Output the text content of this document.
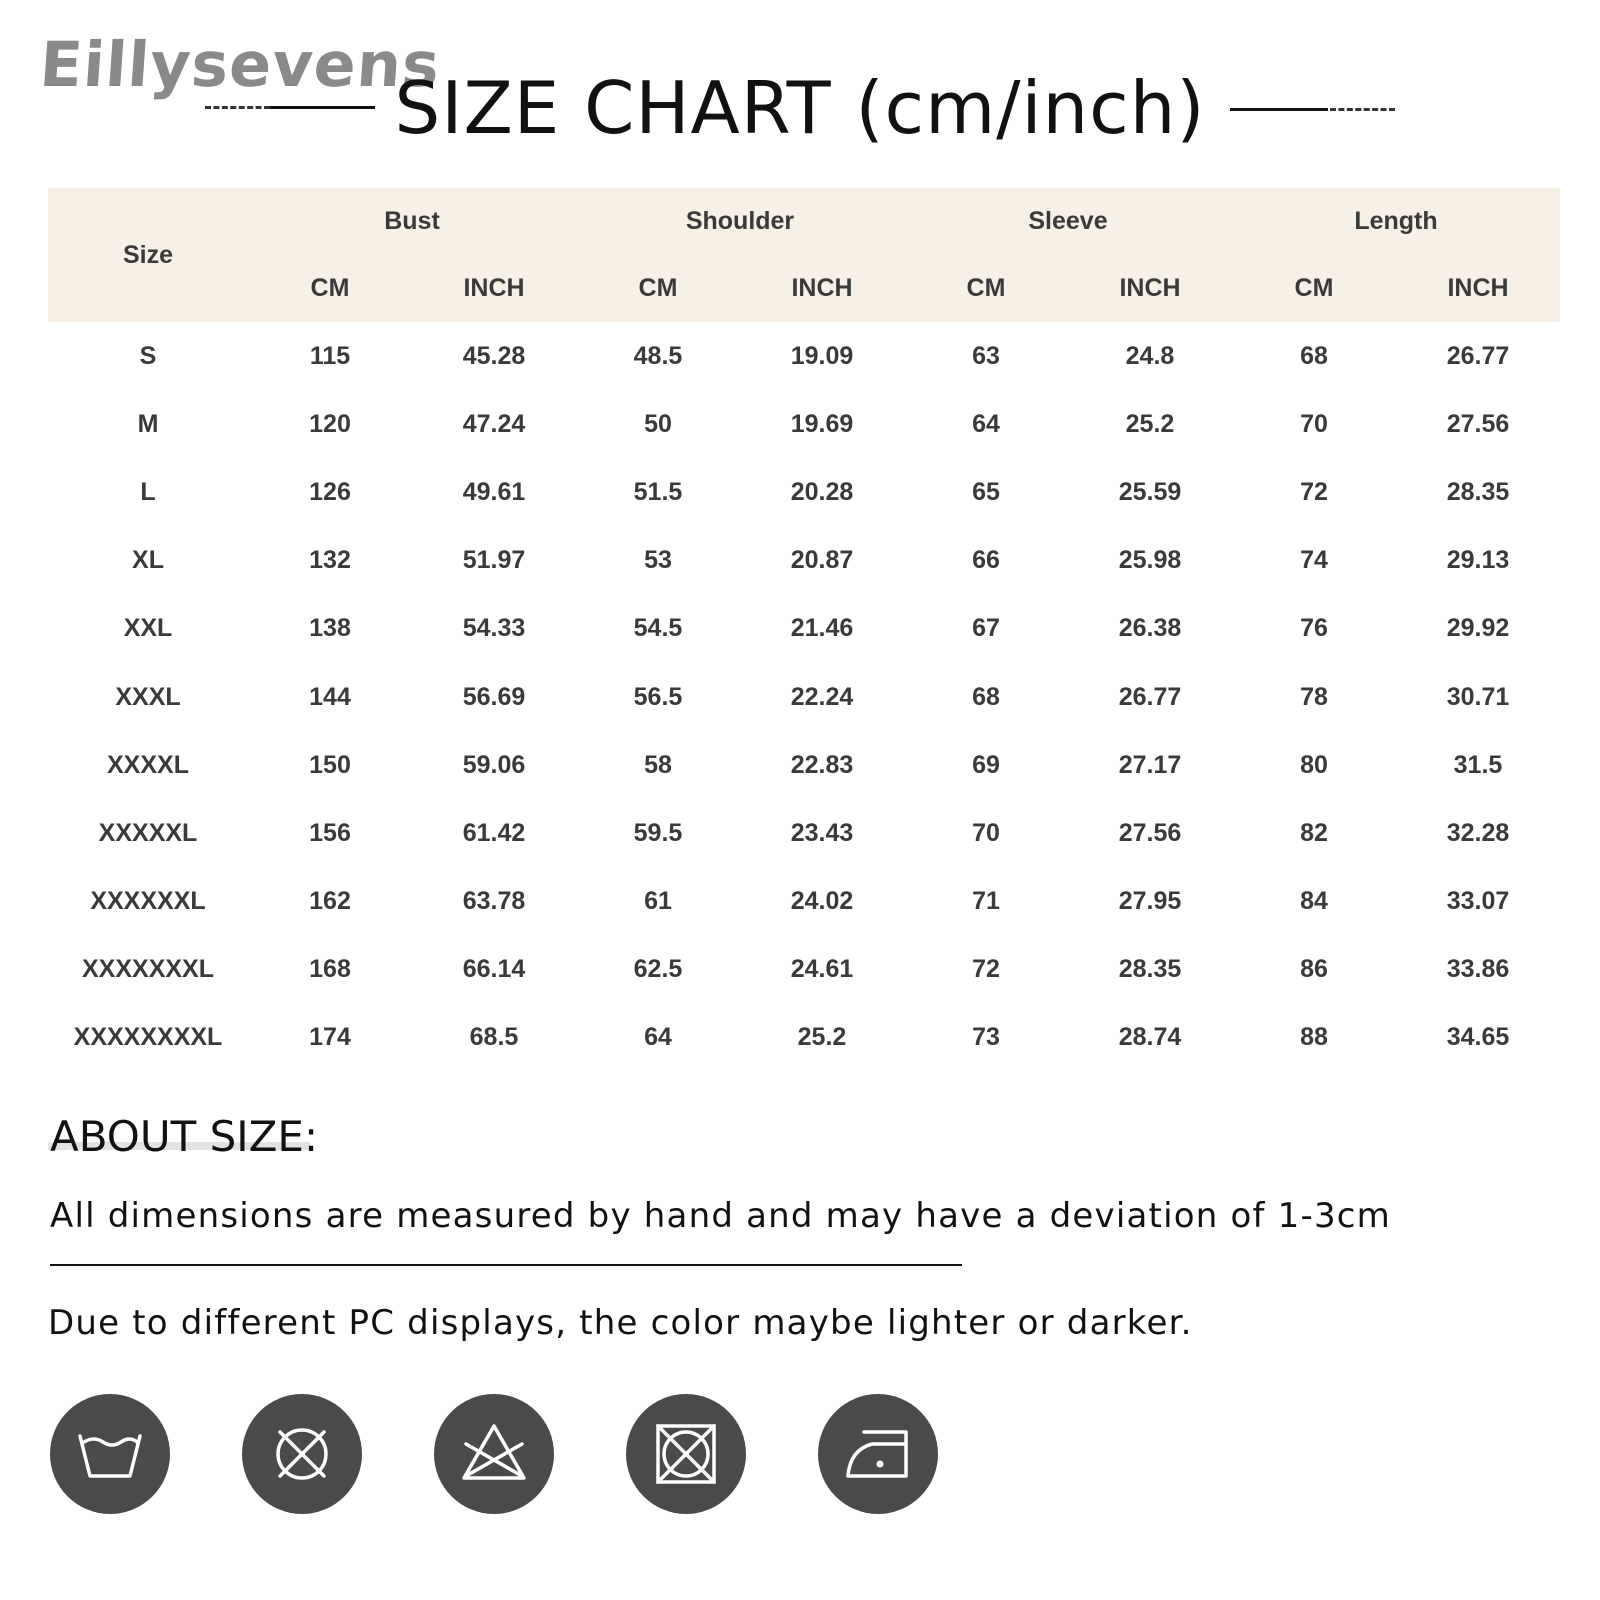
Eillysevens
SIZE CHART (cm/inch)
Size	Bust		Shoulder		Sleeve		Length	
	CM	INCH	CM	INCH	CM	INCH	CM	INCH
S	115	45.28	48.5	19.09	63	24.8	68	26.77
M	120	47.24	50	19.69	64	25.2	70	27.56
L	126	49.61	51.5	20.28	65	25.59	72	28.35
XL	132	51.97	53	20.87	66	25.98	74	29.13
XXL	138	54.33	54.5	21.46	67	26.38	76	29.92
XXXL	144	56.69	56.5	22.24	68	26.77	78	30.71
XXXXL	150	59.06	58	22.83	69	27.17	80	31.5
XXXXXL	156	61.42	59.5	23.43	70	27.56	82	32.28
XXXXXXL	162	63.78	61	24.02	71	27.95	84	33.07
XXXXXXXL	168	66.14	62.5	24.61	72	28.35	86	33.86
XXXXXXXXL	174	68.5	64	25.2	73	28.74	88	34.65
ABOUT SIZE:
All dimensions are measured by hand and may have a deviation of 1-3cm
Due to different PC displays, the color maybe lighter or darker.
